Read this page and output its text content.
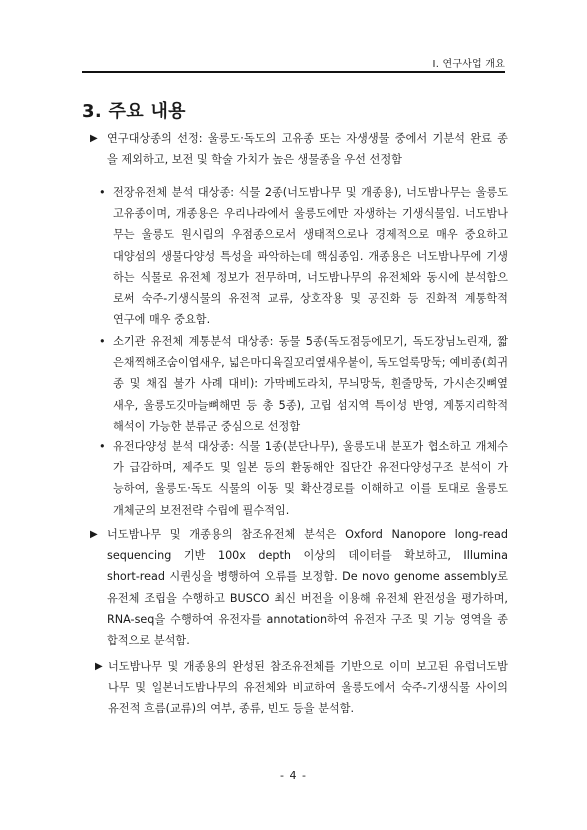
Ⅰ. 연구사업 개요
3. 주요 내용
▶ 연구대상종의 선정: 울릉도·독도의 고유종 또는 자생생물 중에서 기분석 완료 종
을 제외하고, 보전 및 학술 가치가 높은 생물종을 우선 선정함
• 전장유전체 분석 대상종: 식물 2종(너도밤나무 및 개종용), 너도밤나무는 울릉도
고유종이며, 개종용은 우리나라에서 울릉도에만 자생하는 기생식물임. 너도밤나
무는 울릉도 원시림의 우점종으로서 생태적으로나 경제적으로 매우 중요하고
대양섬의 생물다양성 특성을 파악하는데 핵심종임. 개종용은 너도밤나무에 기생
하는 식물로 유전체 정보가 전무하며, 너도밤나무의 유전체와 동시에 분석함으
로써 숙주-기생식물의 유전적 교류, 상호작용 및 공진화 등 진화적 계통학적
연구에 매우 중요함.
• 소기관 유전체 계통분석 대상종: 동물 5종(독도점등에모기, 독도장님노린재, 짧
은채찍해조숨이엽새우, 넓은마디육질꼬리옆새우붙이, 독도얼룩망둑; 예비종(희귀
종 및 채집 불가 사례 대비): 가막베도라치, 무늬망둑, 흰줄망둑, 가시손깃뼈옆
새우, 울릉도깃마늘뼈해면 등 총 5종), 고립 섬지역 특이성 반영, 계통지리학적
해석이 가능한 분류군 중심으로 선정함
• 유전다양성 분석 대상종: 식물 1종(분단나무), 울릉도내 분포가 협소하고 개체수
가 급감하며, 제주도 및 일본 등의 환동해안 집단간 유전다양성구조 분석이 가
능하여, 울릉도·독도 식물의 이동 및 확산경로를 이해하고 이를 토대로 울릉도
개체군의 보전전략 수립에 필수적임.
▶ 너도밤나무 및 개종용의 참조유전체 분석은 Oxford Nanopore long-read
sequencing 기반 100x depth 이상의 데이터를 확보하고, Illumina
short-read 시퀀싱을 병행하여 오류를 보정함. De novo genome assembly로
유전체 조립을 수행하고 BUSCO 최신 버전을 이용해 유전체 완전성을 평가하며,
RNA-seq을 수행하여 유전자를 annotation하여 유전자 구조 및 기능 영역을 종
합적으로 분석함.
▶ 너도밤나무 및 개종용의 완성된 참조유전체를 기반으로 이미 보고된 유럽너도밤
나무 및 일본너도밤나무의 유전체와 비교하여 울릉도에서 숙주-기생식물 사이의
유전적 흐름(교류)의 여부, 종류, 빈도 등을 분석함.
- 4 -
